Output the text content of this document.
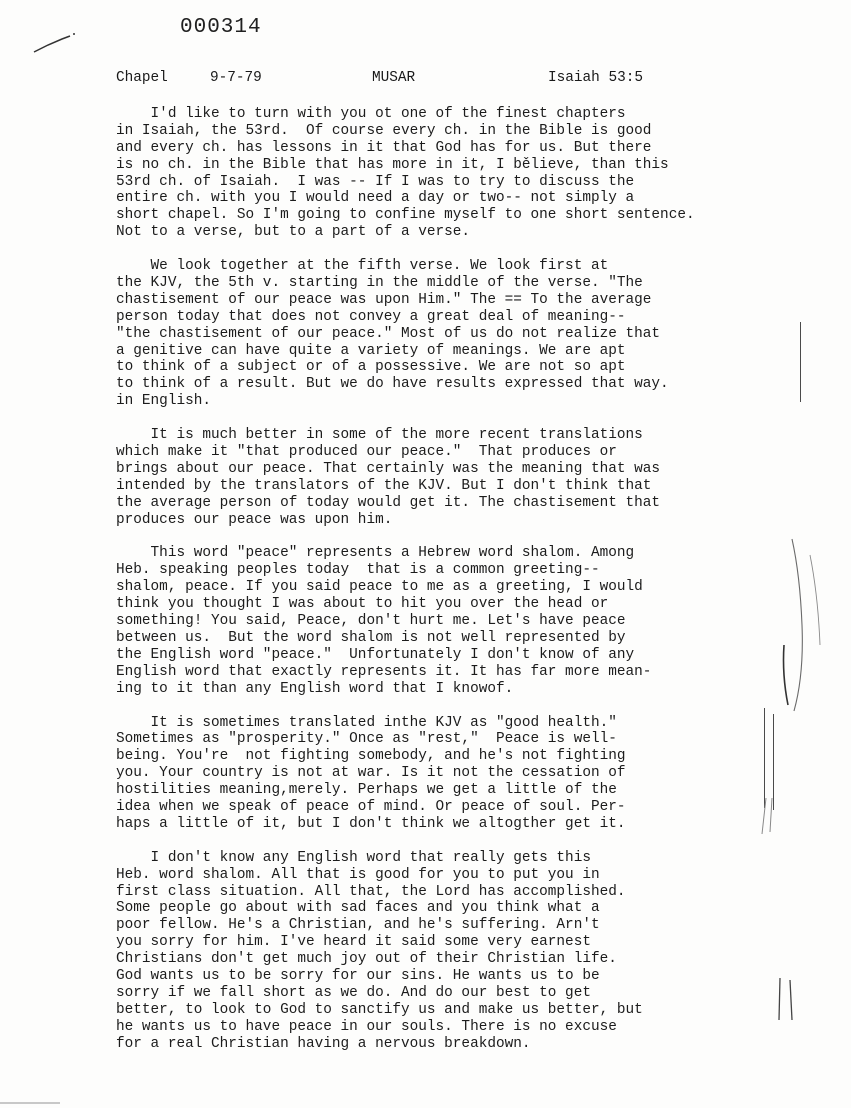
000314
Chapel	9-7-79	MUSAR	Isaiah 53:5
I'd like to turn with you ot one of the finest chapters
in Isaiah, the 53rd.  Of course every ch. in the Bible is good
and every ch. has lessons in it that God has for us. But there
is no ch. in the Bible that has more in it, I bělieve, than this
53rd ch. of Isaiah.  I was -- If I was to try to discuss the
entire ch. with you I would need a day or two-- not simply a
short chapel. So I'm going to confine myself to one short sentence.
Not to a verse, but to a part of a verse.
We look together at the fifth verse. We look first at
the KJV, the 5th v. starting in the middle of the verse. "The
chastisement of our peace was upon Him." The == To the average
person today that does not convey a great deal of meaning--
"the chastisement of our peace." Most of us do not realize that
a genitive can have quite a variety of meanings. We are apt
to think of a subject or of a possessive. We are not so apt
to think of a result. But we do have results expressed that way.
in English.
It is much better in some of the more recent translations
which make it "that produced our peace."  That produces or
brings about our peace. That certainly was the meaning that was
intended by the translators of the KJV. But I don't think that
the average person of today would get it. The chastisement that
produces our peace was upon him.
This word "peace" represents a Hebrew word shalom. Among
Heb. speaking peoples today  that is a common greeting--
shalom, peace. If you said peace to me as a greeting, I would
think you thought I was about to hit you over the head or
something! You said, Peace, don't hurt me. Let's have peace
between us.  But the word shalom is not well represented by
the English word "peace."  Unfortunately I don't know of any
English word that exactly represents it. It has far more mean-
ing to it than any English word that I knowof.
It is sometimes translated inthe KJV as "good health."
Sometimes as "prosperity." Once as "rest,"  Peace is well-
being. You're  not fighting somebody, and he's not fighting
you. Your country is not at war. Is it not the cessation of
hostilities meaning,merely. Perhaps we get a little of the
idea when we speak of peace of mind. Or peace of soul. Per-
haps a little of it, but I don't think we altogther get it.
I don't know any English word that really gets this
Heb. word shalom. All that is good for you to put you in
first class situation. All that, the Lord has accomplished.
Some people go about with sad faces and you think what a
poor fellow. He's a Christian, and he's suffering. Arn't
you sorry for him. I've heard it said some very earnest
Christians don't get much joy out of their Christian life.
God wants us to be sorry for our sins. He wants us to be
sorry if we fall short as we do. And do our best to get
better, to look to God to sanctify us and make us better, but
he wants us to have peace in our souls. There is no excuse
for a real Christian having a nervous breakdown.
